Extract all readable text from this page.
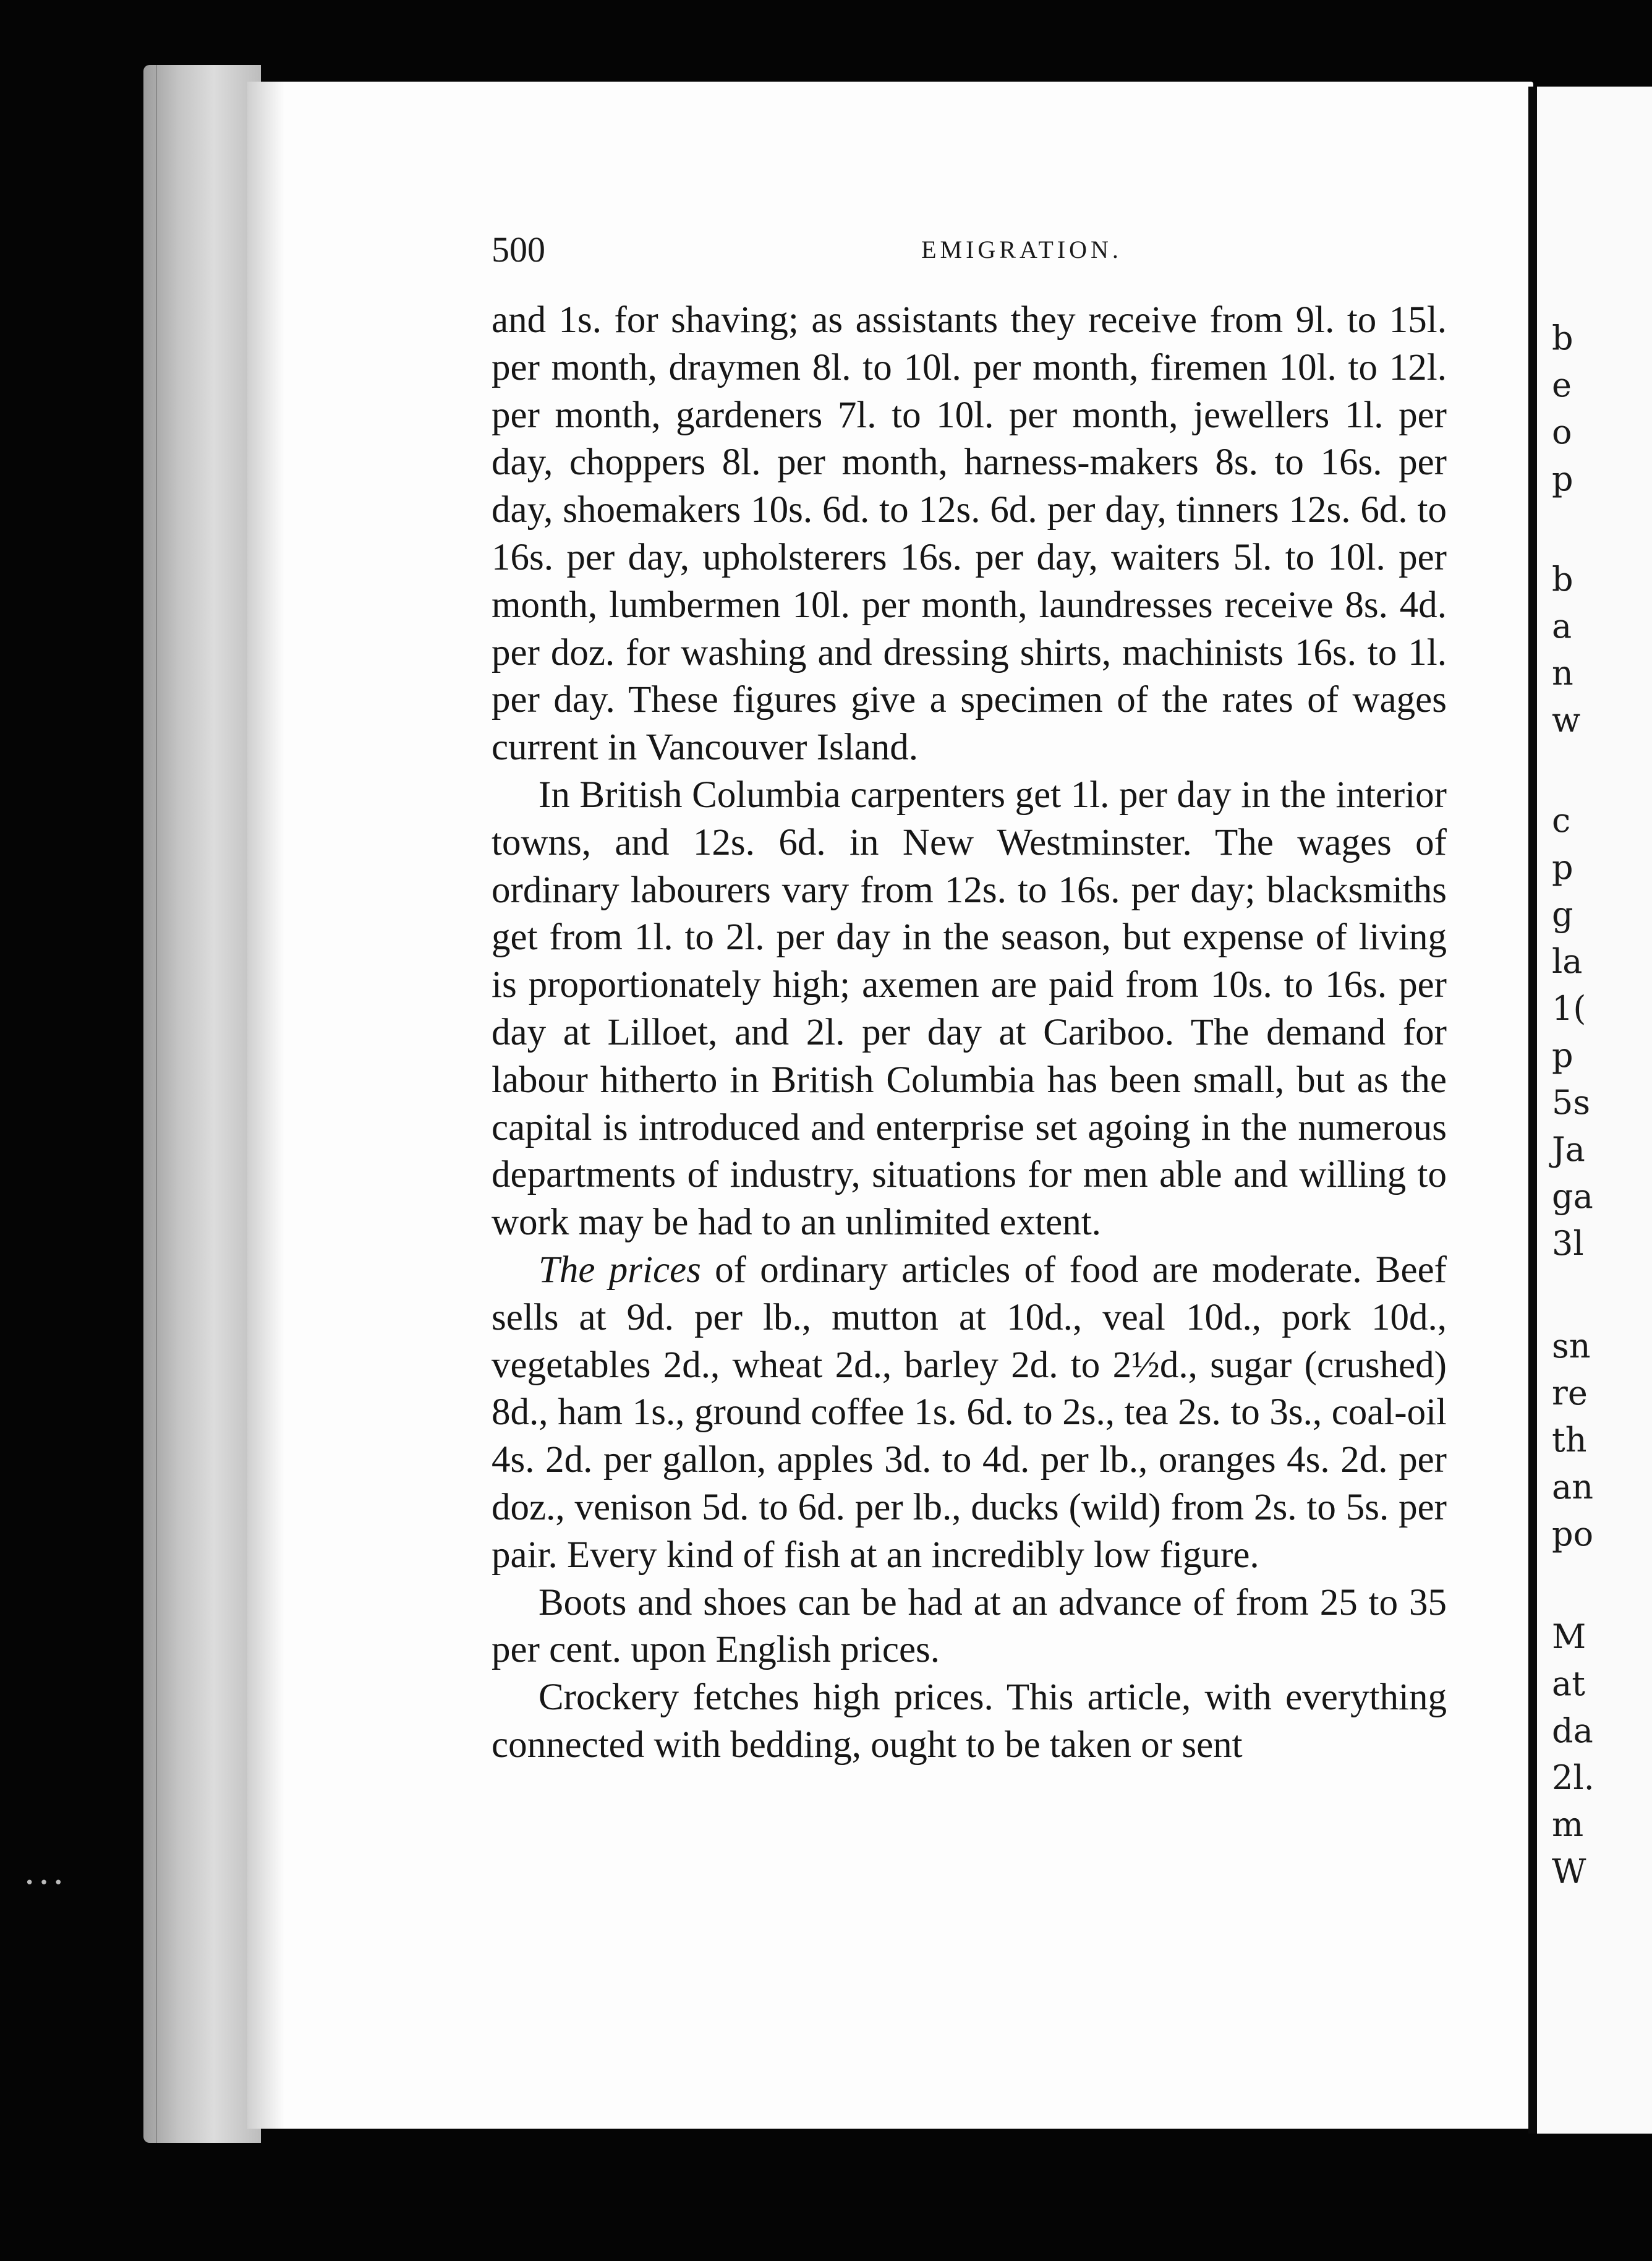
500	EMIGRATION.

and 1s. for shaving; as assistants they receive from 9l. to 15l. per month, draymen 8l. to 10l. per month, firemen 10l. to 12l. per month, gardeners 7l. to 10l. per month, jewellers 1l. per day, choppers 8l. per month, harness-makers 8s. to 16s. per day, shoemakers 10s. 6d. to 12s. 6d. per day, tinners 12s. 6d. to 16s. per day, upholsterers 16s. per day, waiters 5l. to 10l. per month, lumbermen 10l. per month, laundresses receive 8s. 4d. per doz. for washing and dressing shirts, machinists 16s. to 1l. per day. These figures give a specimen of the rates of wages current in Vancouver Island.

In British Columbia carpenters get 1l. per day in the interior towns, and 12s. 6d. in New Westminster. The wages of ordinary labourers vary from 12s. to 16s. per day; blacksmiths get from 1l. to 2l. per day in the season, but expense of living is proportionately high; axemen are paid from 10s. to 16s. per day at Lilloet, and 2l. per day at Cariboo. The demand for labour hitherto in British Columbia has been small, but as the capital is introduced and enterprise set agoing in the numerous departments of industry, situations for men able and willing to work may be had to an unlimited extent.

The prices of ordinary articles of food are moderate. Beef sells at 9d. per lb., mutton at 10d., veal 10d., pork 10d., vegetables 2d., wheat 2d., barley 2d. to 2½d., sugar (crushed) 8d., ham 1s., ground coffee 1s. 6d. to 2s., tea 2s. to 3s., coal-oil 4s. 2d. per gallon, apples 3d. to 4d. per lb., oranges 4s. 2d. per doz., venison 5d. to 6d. per lb., ducks (wild) from 2s. to 5s. per pair. Every kind of fish at an incredibly low figure.

Boots and shoes can be had at an advance of from 25 to 35 per cent. upon English prices.

Crockery fetches high prices. This article, with everything connected with bedding, ought to be taken or sent

b
e
o
p
b
a
n
w
c
p
g
la
1(
p
5s
Ja
ga
3l
sn
re
th
an
po
M
at
da
2l.
m
W
•••
